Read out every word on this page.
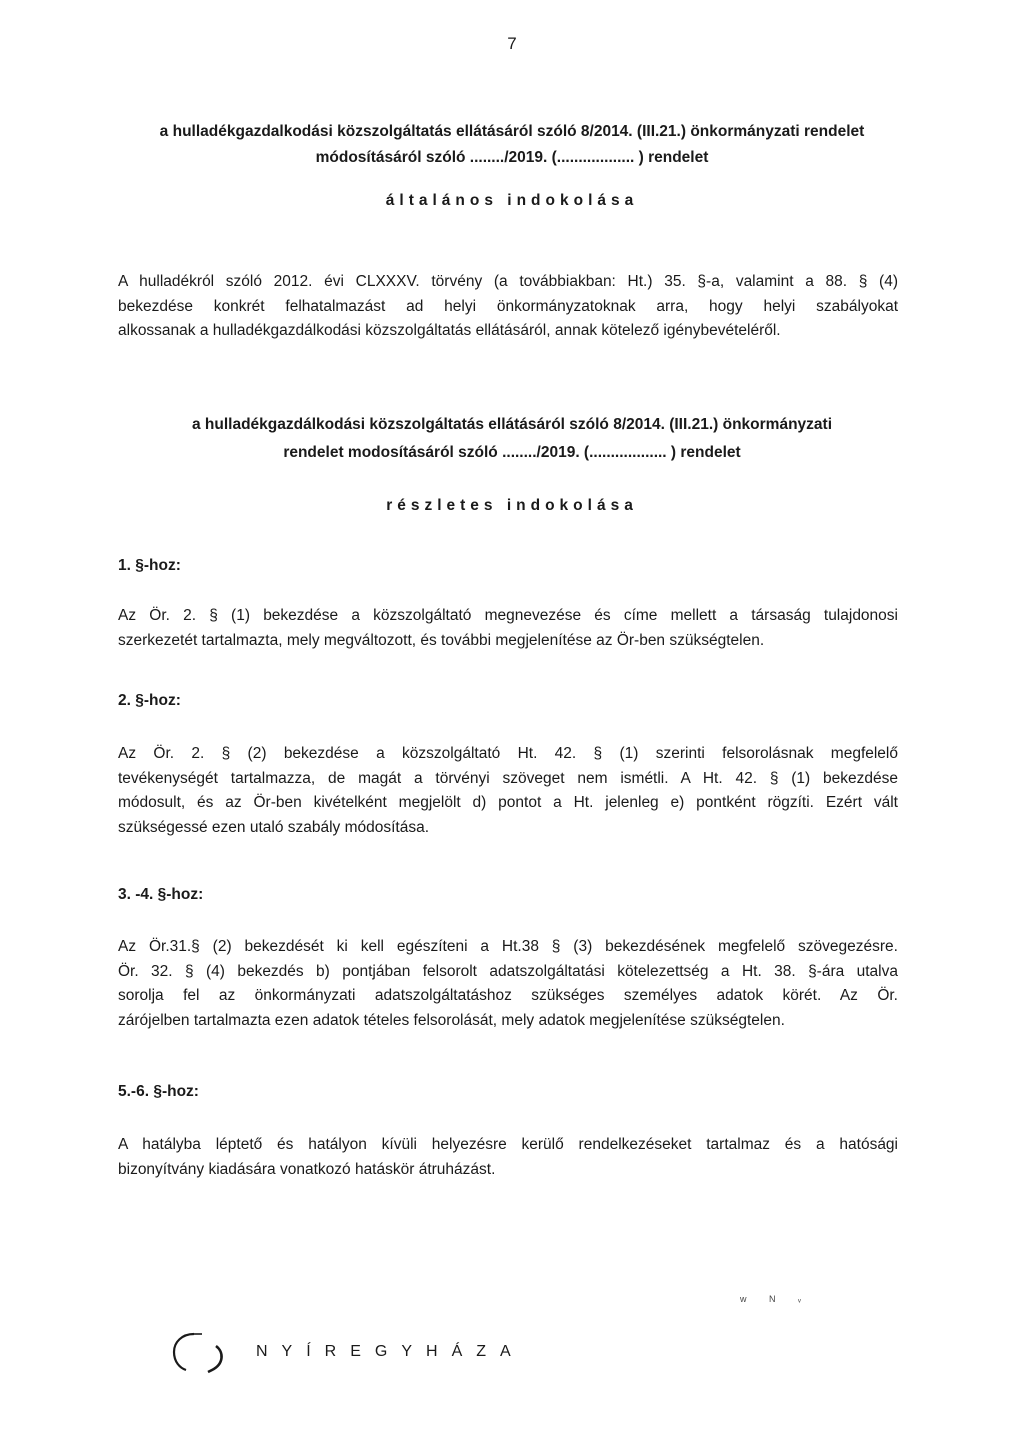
7
a hulladékgazdalkodási közszolgáltatás ellátásáról szóló 8/2014. (III.21.) önkormányzati rendelet
módosításáról szóló ......../2019. (.................. ) rendelet
általános indokolása
A hulladékról szóló 2012. évi CLXXXV. törvény (a továbbiakban: Ht.) 35. §-a, valamint a 88. § (4)
bekezdése konkrét felhatalmazást ad helyi önkormányzatoknak arra, hogy helyi szabályokat
alkossanak a hulladékgazdálkodási közszolgáltatás ellátásáról, annak kötelező igénybevételéről.
a hulladékgazdálkodási közszolgáltatás ellátásáról szóló 8/2014. (III.21.) önkormányzati
rendelet modosításáról szóló ......../2019. (.................. ) rendelet
részletes indokolása
1. §-hoz:
Az Ör. 2. § (1) bekezdése a közszolgáltató megnevezése és címe mellett a társaság tulajdonosi
szerkezetét tartalmazta, mely megváltozott, és további megjelenítése az Ör-ben szükségtelen.
2. §-hoz:
Az Ör. 2. § (2) bekezdése a közszolgáltató Ht. 42. § (1) szerinti felsorolásnak megfelelő
tevékenységét tartalmazza, de magát a törvényi szöveget nem ismétli. A Ht. 42. § (1) bekezdése
módosult, és az Ör-ben kivételként megjelölt d) pontot a Ht. jelenleg e) pontként rögzíti. Ezért vált
szükségessé ezen utaló szabály módosítása.
3. -4. §-hoz:
Az Ör.31.§ (2) bekezdését ki kell egészíteni a Ht.38 § (3) bekezdésének megfelelő szövegezésre.
Ör. 32. § (4) bekezdés b) pontjában felsorolt adatszolgáltatási kötelezettség a Ht. 38. §-ára utalva
sorolja fel az önkormányzati adatszolgáltatáshoz szükséges személyes adatok körét. Az Ör.
zárójelben tartalmazta ezen adatok tételes felsorolását, mely adatok megjelenítése szükségtelen.
5.-6. §-hoz:
A hatályba léptető és hatályon kívüli helyezésre kerülő rendelkezéseket tartalmaz és a hatósági
bizonyítvány kiadására vonatkozó hatáskör átruházást.
w N ᵥ
NYÍREGYHÁZA
